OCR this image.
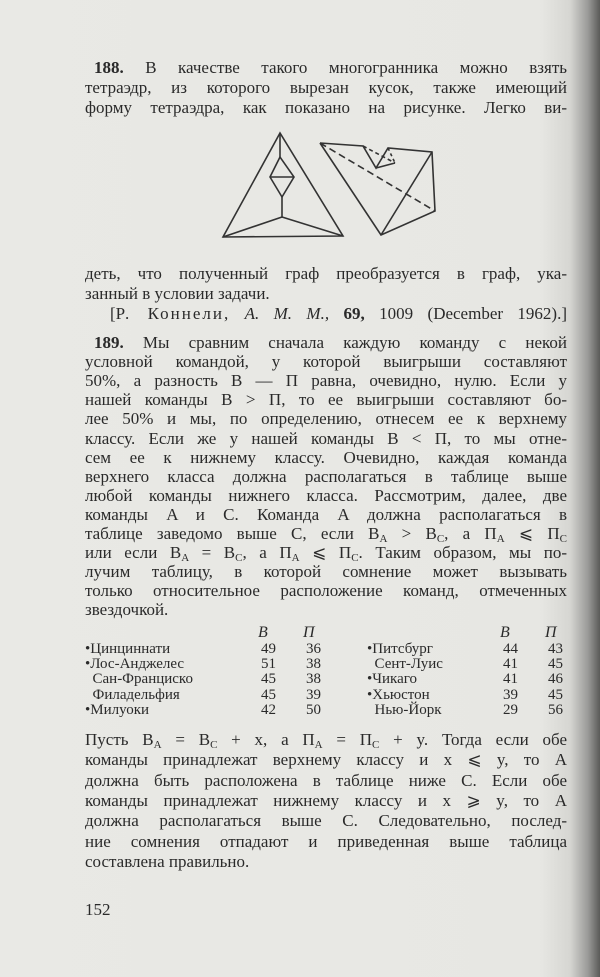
188. В качестве такого многогранника можно взять
тетраэдр, из которого вырезан кусок, также имеющий
форму тетраэдра, как показано на рисунке. Легко ви-
деть, что полученный граф преобразуется в граф, ука-
занный в условии задачи.
[Р. Коннели, А. М. М., 69, 1009 (December 1962).]
189. Мы сравним сначала каждую команду с некой
условной командой, у которой выигрыши составляют
50%, а разность B — П равна, очевидно, нулю. Если у
нашей команды B > П, то ее выигрыши составляют бо-
лее 50% и мы, по определению, отнесем ее к верхнему
классу. Если же у нашей команды B < П, то мы отне-
сем ее к нижнему классу. Очевидно, каждая команда
верхнего класса должна располагаться в таблице выше
любой команды нижнего класса. Рассмотрим, далее, две
команды A и C. Команда A должна располагаться в
таблице заведомо выше C, если $B_A > B_C$, а $П_A$ ⩽ $П_C$
или если $B_A = B_C$, а $П_A$ ⩽ $П_C$. Таким образом, мы по-
лучим таблицу, в которой сомнение может вызывать
только относительное расположение команд, отмеченных
звездочкой.
B П	B П
•Цинциннати	49	36
•Лос-Анджелес	51	38
 Сан-Франциско	45	38
 Филадельфия	45	39
•Милуоки	42	50
•Питсбург	44	43
 Сент-Луис	41	45
•Чикаго	41	46
•Хьюстон	39	45
 Нью-Йорк	29	56
Пусть $B_A = B_C + x$, а $П_A = П_C + y$. Тогда если обе
команды принадлежат верхнему классу и x ⩽ y, то A
должна быть расположена в таблице ниже C. Если обе
команды принадлежат нижнему классу и x ⩾ y, то A
должна располагаться выше C. Следовательно, послед-
ние сомнения отпадают и приведенная выше таблица
составлена правильно.
152
